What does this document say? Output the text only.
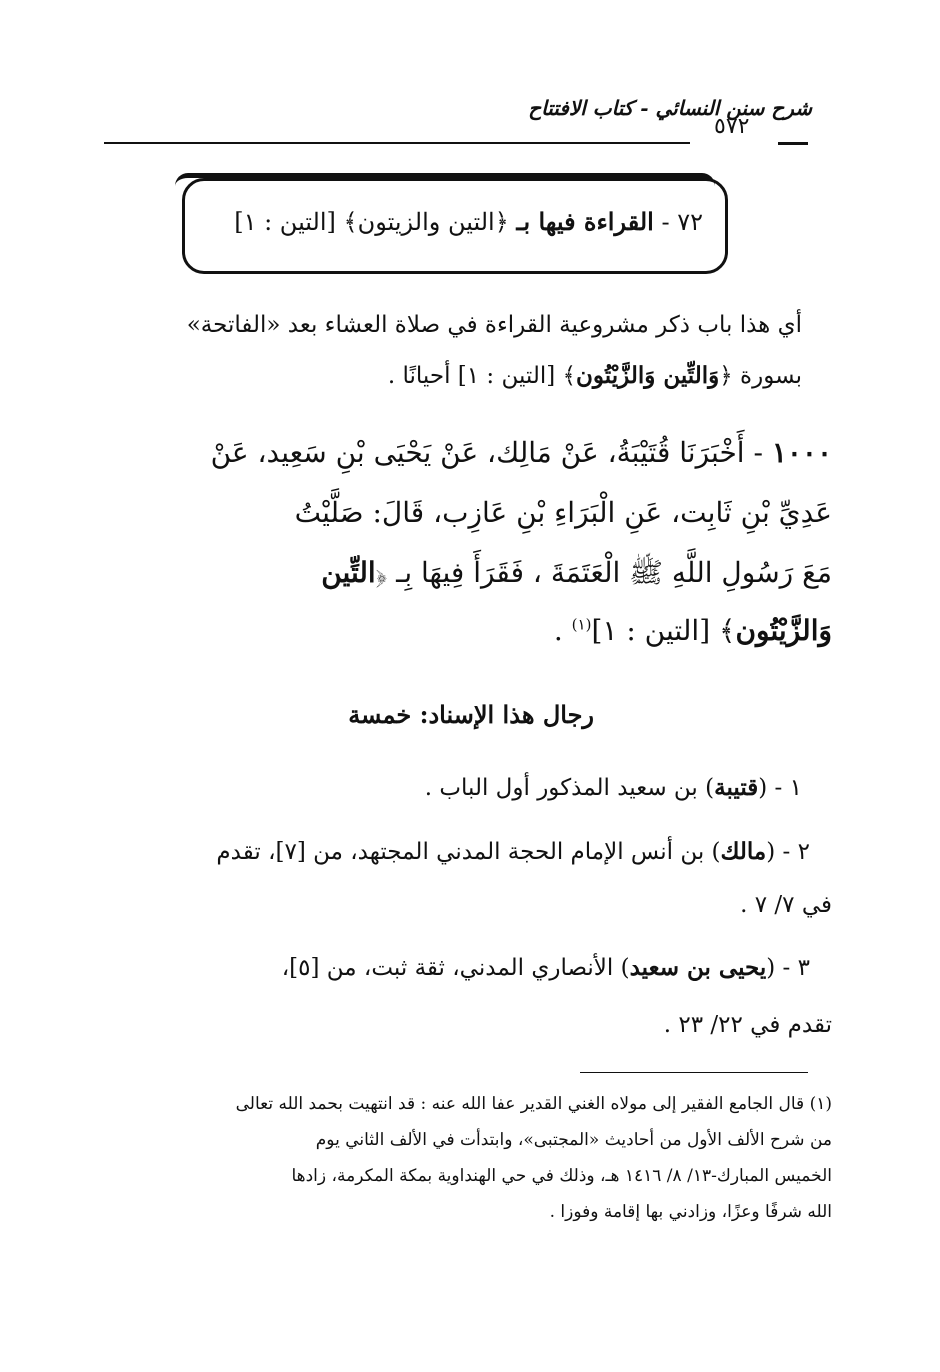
شرح سنن النسائي - كتاب الافتتاح
٥٧٢
٧٢ - القراءة فيها بـ ﴿التين والزيتون﴾ [التين : ١]
أي هذا باب ذكر مشروعية القراءة في صلاة العشاء بعد «الفاتحة»
بسورة ﴿وَالتِّين وَالزَّيْتُون﴾ [التين : ١] أحيانًا .
١٠٠٠ - أَخْبَرَنَا قُتَيْبَةُ، عَنْ مَالِك، عَنْ يَحْيَى بْنِ سَعِيد، عَنْ
عَدِيِّ بْنِ ثَابِت، عَنِ الْبَرَاءِ بْنِ عَازِب، قَالَ: صَلَّيْتُ
مَعَ رَسُولِ اللَّهِ ﷺ الْعَتَمَةَ ، فَقَرَأَ فِيهَا بِـ ﴿التِّين
وَالزَّيْتُون﴾ [التين : ١]$^{(١)}$ .
رجال هذا الإسناد: خمسة
١ - (قتيبة) بن سعيد المذكور أول الباب .
٢ - (مالك) بن أنس الإمام الحجة المدني المجتهد، من [٧]، تقدم
في ٧/ ٧ .
٣ - (يحيى بن سعيد) الأنصاري المدني، ثقة ثبت، من [٥]،
تقدم في ٢٢/ ٢٣ .
(١) قال الجامع الفقير إلى مولاه الغني القدير عفا الله عنه : قد انتهيت بحمد الله تعالى
من شرح الألف الأول من أحاديث «المجتبى»، وابتدأت في الألف الثاني يوم
الخميس المبارك-١٣/ ٨/ ١٤١٦ هـ، وذلك في حي الهنداوية بمكة المكرمة، زادها
الله شرفًا وعزًا، وزادني بها إقامة وفوزا .
